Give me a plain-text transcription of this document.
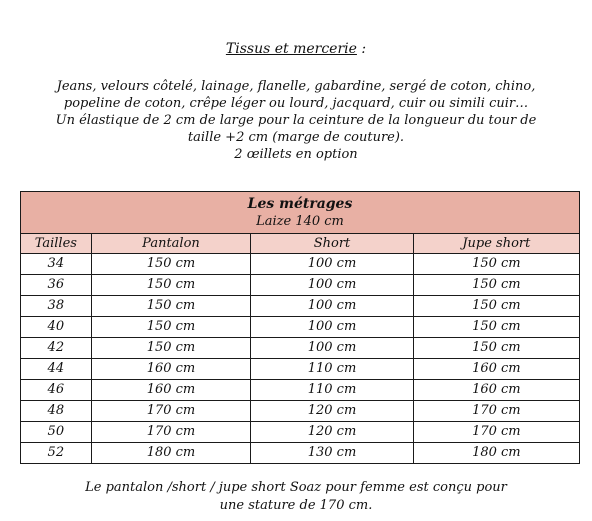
Tissus et mercerie :

Jeans, velours côtelé, lainage, flanelle, gabardine, sergé de coton, chino, popeline de coton, crêpe léger ou lourd, jacquard, cuir ou simili cuir…

Un élastique de 2 cm de large pour la ceinture de la longueur du tour de taille +2 cm (marge de couture).

2 œillets en option

Les métrages
Laize 140 cm			

Tailles	Pantalon	Short	Jupe short
34	150 cm	100 cm	150 cm
36	150 cm	100 cm	150 cm
38	150 cm	100 cm	150 cm
40	150 cm	100 cm	150 cm
42	150 cm	100 cm	150 cm
44	160 cm	110 cm	160 cm
46	160 cm	110 cm	160 cm
48	170 cm	120 cm	170 cm
50	170 cm	120 cm	170 cm
52	180 cm	130 cm	180 cm

Le pantalon /short / jupe short Soaz pour femme est conçu pour

une stature de 170 cm.
